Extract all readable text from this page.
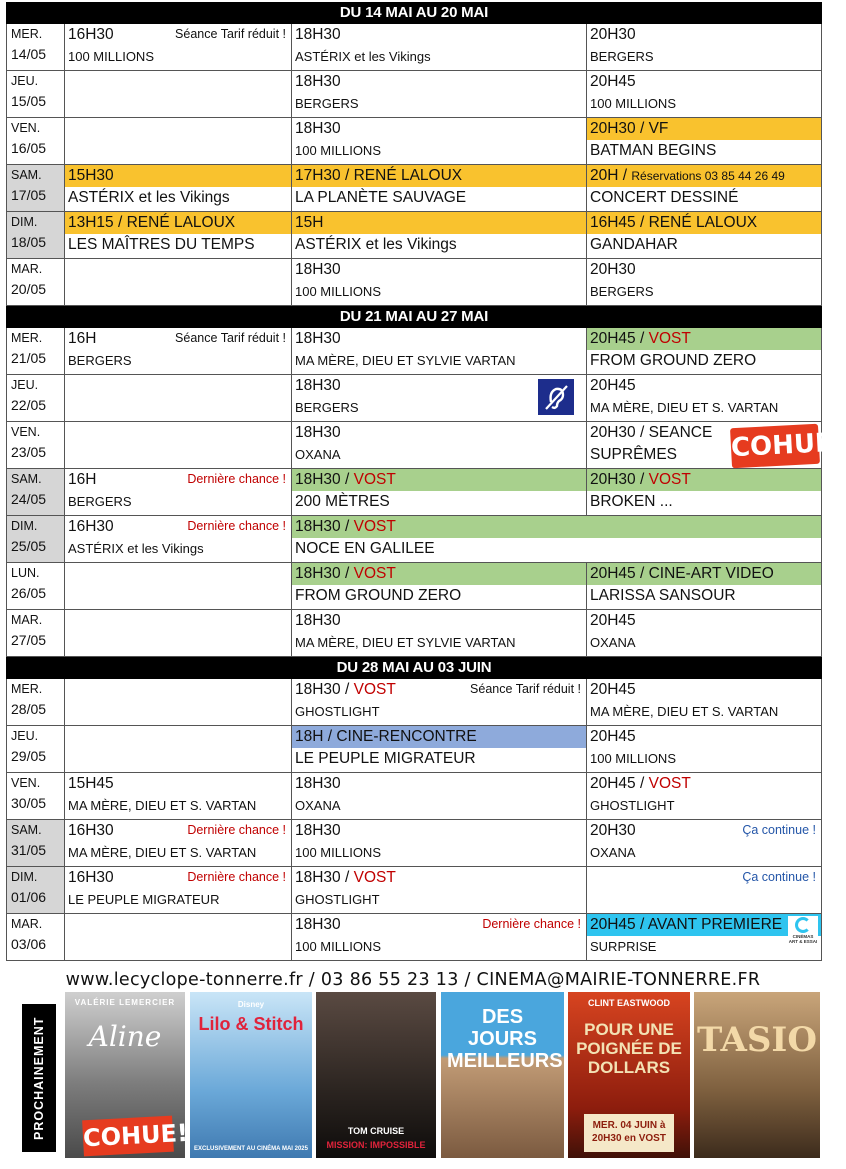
DU 14 MAI AU 20 MAI
MER.
14/05
16H30
100 MILLIONS
Séance Tarif réduit ! 18H30
ASTÉRIX et les Vikings
20H30
BERGERS
JEU.
15/05
18H30
BERGERS
20H45
100 MILLIONS
VEN.
16/05
18H30
100 MILLIONS
20H30 / VF
BATMAN BEGINS
SAM.
17/05
15H30
ASTÉRIX et les Vikings
17H30 / RENÉ LALOUX
LA PLANÈTE SAUVAGE
20H / Réservations 03 85 44 26 49
CONCERT DESSINÉ
DIM.
18/05
13H15 / RENÉ LALOUX
LES MAÎTRES DU TEMPS
15H
ASTÉRIX et les Vikings
16H45 / RENÉ LALOUX
GANDAHAR
MAR.
20/05
18H30
100 MILLIONS
20H30
BERGERS
DU 21 MAI AU 27 MAI
MER.
21/05
16H
BERGERS
Séance Tarif réduit ! 18H30
MA MÈRE, DIEU ET SYLVIE VARTAN
20H45 / VOST
FROM GROUND ZERO
JEU.
22/05
18H30
BERGERS
20H45
MA MÈRE, DIEU ET S. VARTAN
VEN.
23/05
18H30
OXANA
20H30 / SEANCE
SUPRÊMES	COHUE!
SAM.
24/05
16H
BERGERS
Dernière chance ! 18H30 / VOST
200 MÈTRES
20H30 / VOST
BROKEN ...
DIM.
25/05
16H30
ASTÉRIX et les Vikings
Dernière chance ! 18H30 / VOST
NOCE EN GALILEE
LUN.
26/05
18H30 / VOST
FROM GROUND ZERO
20H45 / CINE-ART VIDEO
LARISSA SANSOUR
MAR.
27/05
18H30
MA MÈRE, DIEU ET SYLVIE VARTAN
20H45
OXANA
DU 28 MAI AU 03 JUIN
MER.
28/05
18H30 / VOST
GHOSTLIGHT
Séance Tarif réduit ! 20H45
MA MÈRE, DIEU ET S. VARTAN
JEU.
29/05
18H / CINE-RENCONTRE
LE PEUPLE MIGRATEUR
20H45
100 MILLIONS
VEN.
30/05
15H45
MA MÈRE, DIEU ET S. VARTAN
18H30
OXANA
20H45 / VOST
GHOSTLIGHT
SAM.
31/05
16H30
MA MÈRE, DIEU ET S. VARTAN
Dernière chance ! 18H30
100 MILLIONS
20H30
OXANA
Ça continue !
DIM.
01/06
16H30
LE PEUPLE MIGRATEUR
Dernière chance ! 18H30 / VOST
GHOSTLIGHT
Ça continue !
MAR.
03/06
18H30
100 MILLIONS
Dernière chance ! 20H45 / AVANT PREMIERE
SURPRISE
CINÉMAS ART & ESSAI
www.lecyclope-tonnerre.fr / 03 86 55 23 13 / CINEMA@MAIRIE-TONNERRE.FR
PROCHAINEMENT
VALÉRIE LEMERCIER
Aline
COHUE!
Disney
Lilo & Stitch
EXCLUSIVEMENT AU CINÉMA MAI 2025
TOM CRUISE
MISSION: IMPOSSIBLE
DES JOURS MEILLEURS
CLINT EASTWOOD
POUR UNE POIGNÉE DE DOLLARS
MER. 04 JUIN à 20H30 en VOST
TASIO
